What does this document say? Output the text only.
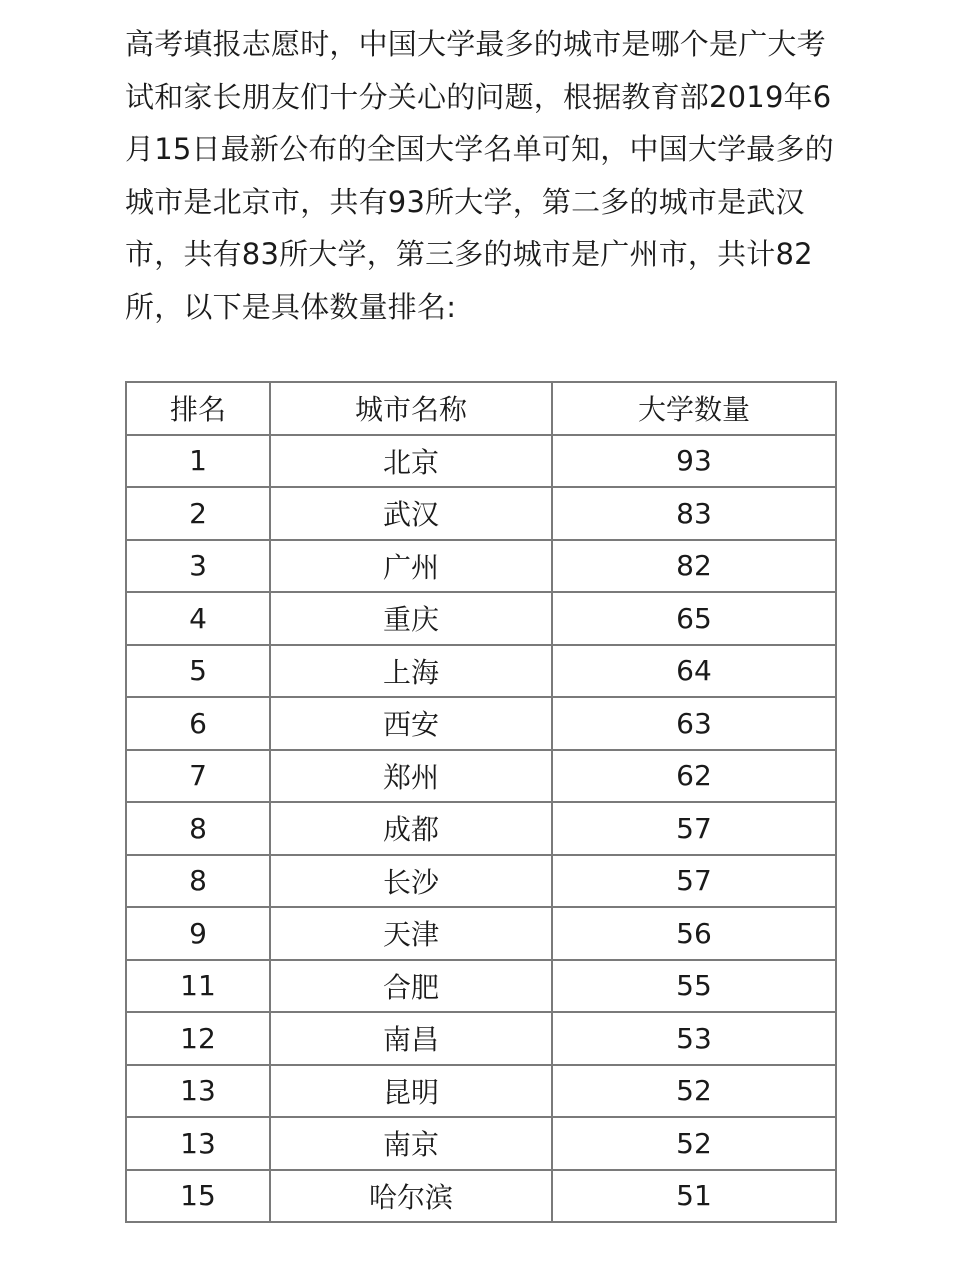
高考填报志愿时，中国大学最多的城市是哪个是广大考试和家长朋友们十分关心的问题，根据教育部2019年6月15日最新公布的全国大学名单可知，中国大学最多的城市是北京市，共有93所大学，第二多的城市是武汉市，共有83所大学，第三多的城市是广州市，共计82所，以下是具体数量排名:

排名	城市名称	大学数量
1	北京	93
2	武汉	83
3	广州	82
4	重庆	65
5	上海	64
6	西安	63
7	郑州	62
8	成都	57
8	长沙	57
9	天津	56
11	合肥	55
12	南昌	53
13	昆明	52
13	南京	52
15	哈尔滨	51
